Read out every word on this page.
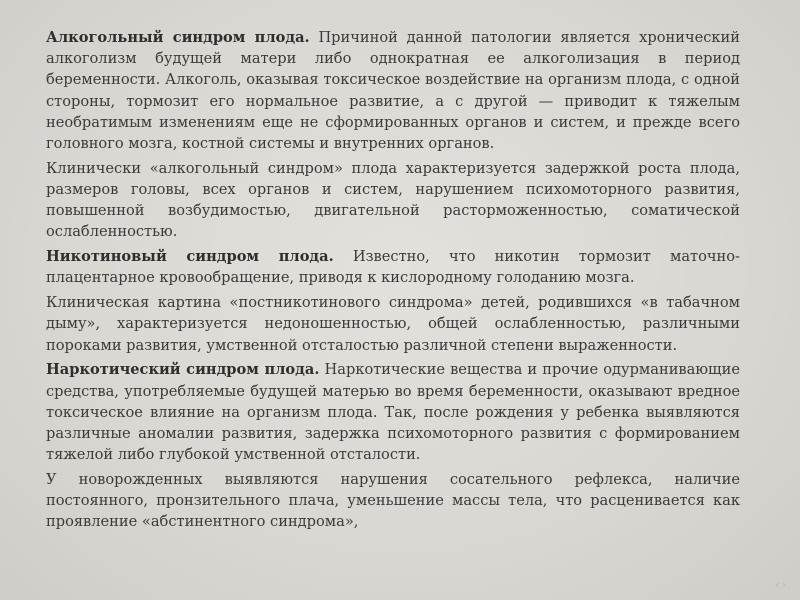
Алкогольный синдром плода. Причиной данной патологии является хронический алкоголизм будущей матери либо однократная ее алкоголизация в период беременности. Алкоголь, оказывая токсическое воздействие на организм плода, с одной стороны, тормозит его нормальное развитие, а с другой — приводит к тяжелым необратимым изменениям еще не сформированных органов и систем, и прежде всего головного мозга, костной системы и внутренних органов.

Клинически «алкогольный синдром» плода характеризуется задержкой роста плода, размеров головы, всех органов и систем, нарушением психомоторного развития, повышенной возбудимостью, двигательной расторможенностью, соматической ослабленностью.

Никотиновый синдром плода. Известно, что никотин тормозит маточно-плацентарное кровообращение, приводя к кислородному голоданию мозга.

Клиническая картина «постникотинового синдрома» детей, родившихся «в табачном дыму», характеризуется недоношенностью, общей ослабленностью, различными пороками развития, умственной отсталостью различной степени выраженности.

Наркотический синдром плода. Наркотические вещества и прочие одурманивающие средства, употребляемые будущей матерью во время беременности, оказывают вредное токсическое влияние на организм плода. Так, после рождения у ребенка выявляются различные аномалии развития, задержка психомоторного развития с формированием тяжелой либо глубокой умственной отсталости.

У новорожденных выявляются нарушения сосательного рефлекса, наличие постоянного, пронзительного плача, уменьшение массы тела, что расценивается как проявление «абстинентного синдрома»,

‹ ›
